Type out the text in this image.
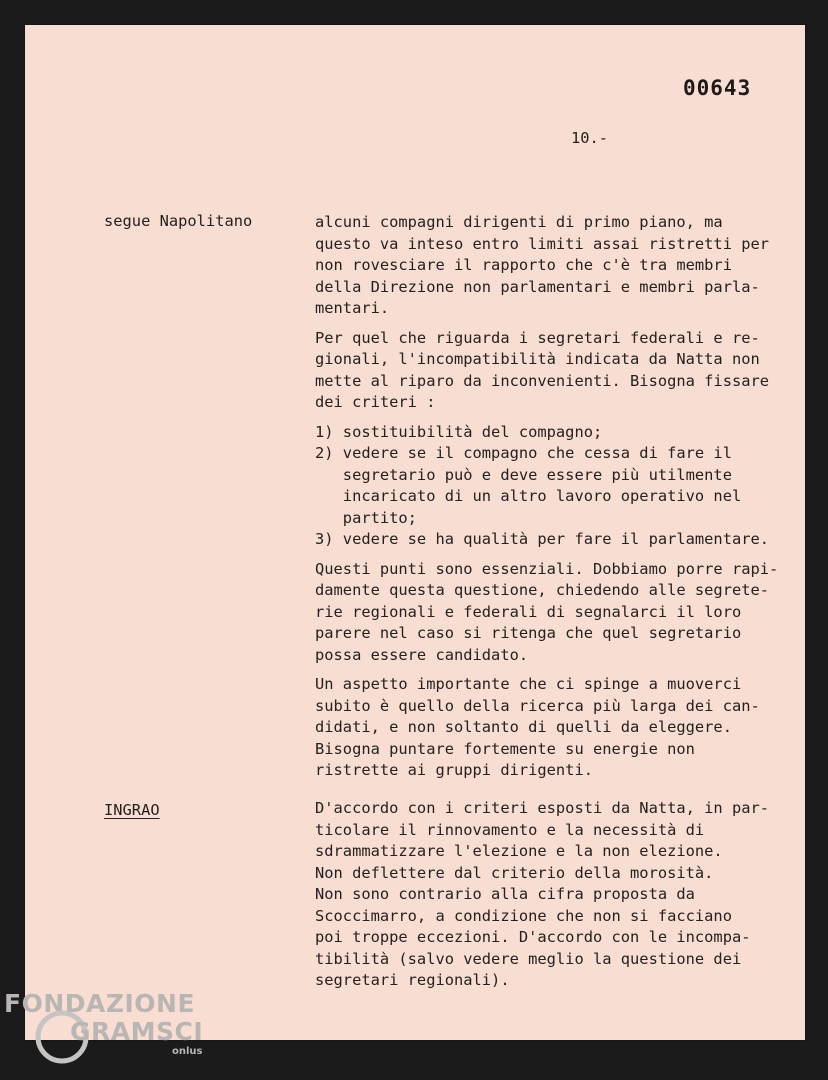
00643
10.-
segue Napolitano	alcuni compagni dirigenti di primo piano, ma
questo va inteso entro limiti assai ristretti per
non rovesciare il rapporto che c'è tra membri
della Direzione non parlamentari e membri parla-
mentari.
Per quel che riguarda i segretari federali e re-
gionali, l'incompatibilità indicata da Natta non
mette al riparo da inconvenienti. Bisogna fissare
dei criteri :
1) sostituibilità del compagno;
2) vedere se il compagno che cessa di fare il
segretario può e deve essere più utilmente
incaricato di un altro lavoro operativo nel
partito;
3) vedere se ha qualità per fare il parlamentare.
Questi punti sono essenziali. Dobbiamo porre rapi-
damente questa questione, chiedendo alle segrete-
rie regionali e federali di segnalarci il loro
parere nel caso si ritenga che quel segretario
possa essere candidato.
Un aspetto importante che ci spinge a muoverci
subito è quello della ricerca più larga dei can-
didati, e non soltanto di quelli da eleggere.
Bisogna puntare fortemente su energie non
ristrette ai gruppi dirigenti.
INGRAO	D'accordo con i criteri esposti da Natta, in par-
ticolare il rinnovamento e la necessità di
sdrammatizzare l'elezione e la non elezione.
Non deflettere dal criterio della morosità.
Non sono contrario alla cifra proposta da
Scoccimarro, a condizione che non si facciano
poi troppe eccezioni. D'accordo con le incompa-
tibilità (salvo vedere meglio la questione dei
segretari regionali).
FONDAZIONE
GRAMSCI
onlus
